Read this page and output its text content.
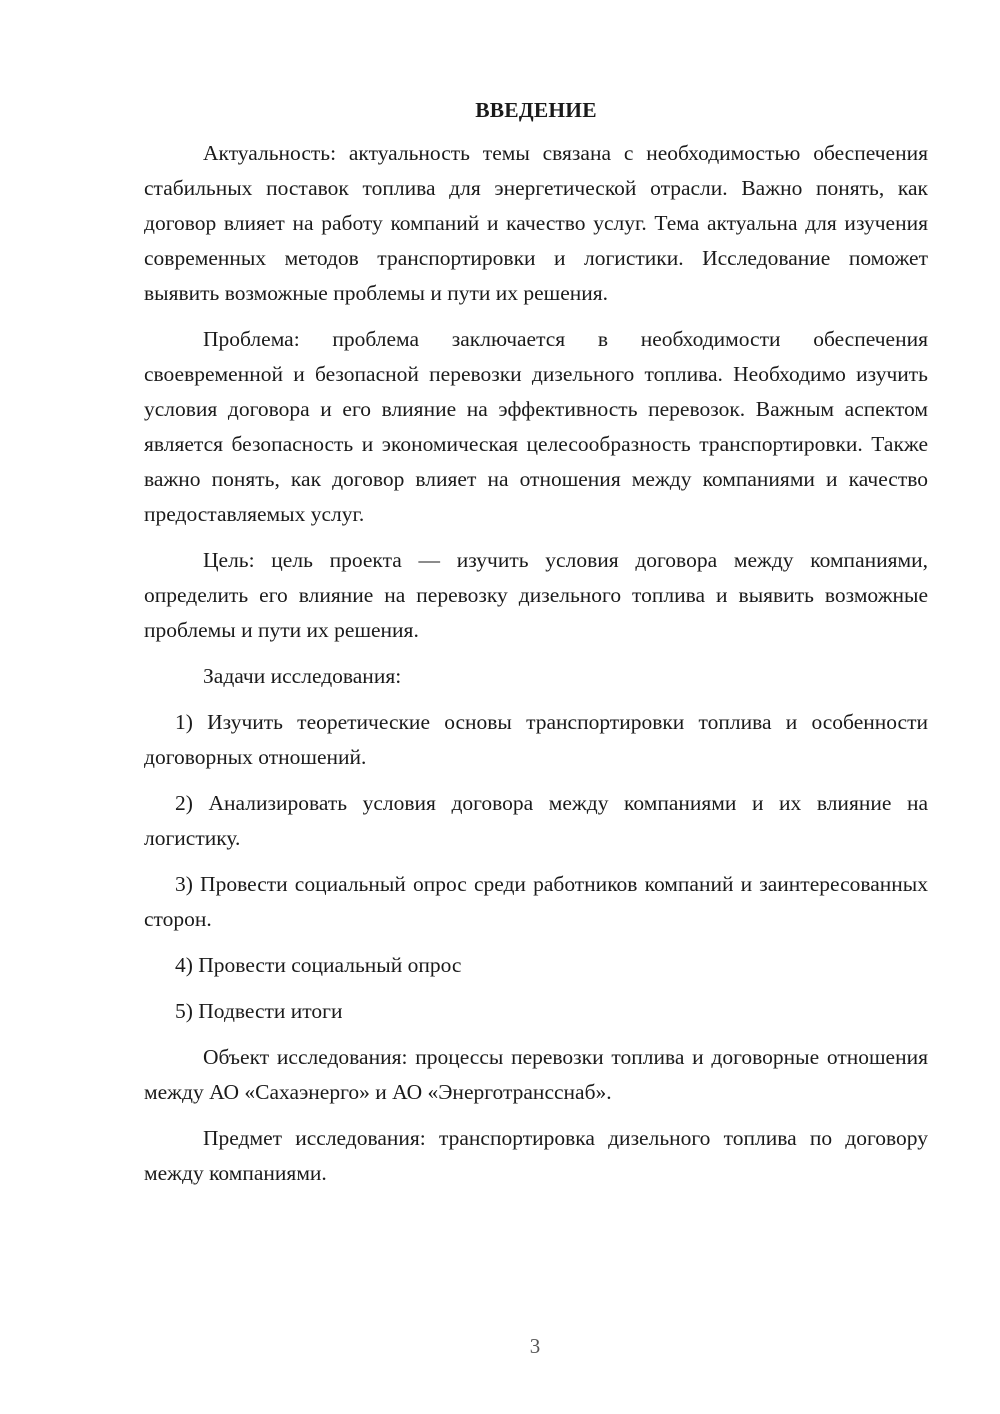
ВВЕДЕНИЕ

Актуальность: актуальность темы связана с необходимостью обеспечения стабильных поставок топлива для энергетической отрасли. Важно понять, как договор влияет на работу компаний и качество услуг. Тема актуальна для изучения современных методов транспортировки и логистики. Исследование поможет выявить возможные проблемы и пути их решения.

Проблема: проблема заключается в необходимости обеспечения своевременной и безопасной перевозки дизельного топлива. Необходимо изучить условия договора и его влияние на эффективность перевозок. Важным аспектом является безопасность и экономическая целесообразность транспортировки. Также важно понять, как договор влияет на отношения между компаниями и качество предоставляемых услуг.

Цель: цель проекта — изучить условия договора между компаниями, определить его влияние на перевозку дизельного топлива и выявить возможные проблемы и пути их решения.

Задачи исследования:

1) Изучить теоретические основы транспортировки топлива и особенности договорных отношений.

2) Анализировать условия договора между компаниями и их влияние на логистику.

3) Провести социальный опрос среди работников компаний и заинтересованных сторон.

4) Провести социальный опрос

5) Подвести итоги

Объект исследования: процессы перевозки топлива и договорные отношения между АО «Сахаэнерго» и АО «Энерготрансснаб».

Предмет исследования: транспортировка дизельного топлива по договору между компаниями.

3
